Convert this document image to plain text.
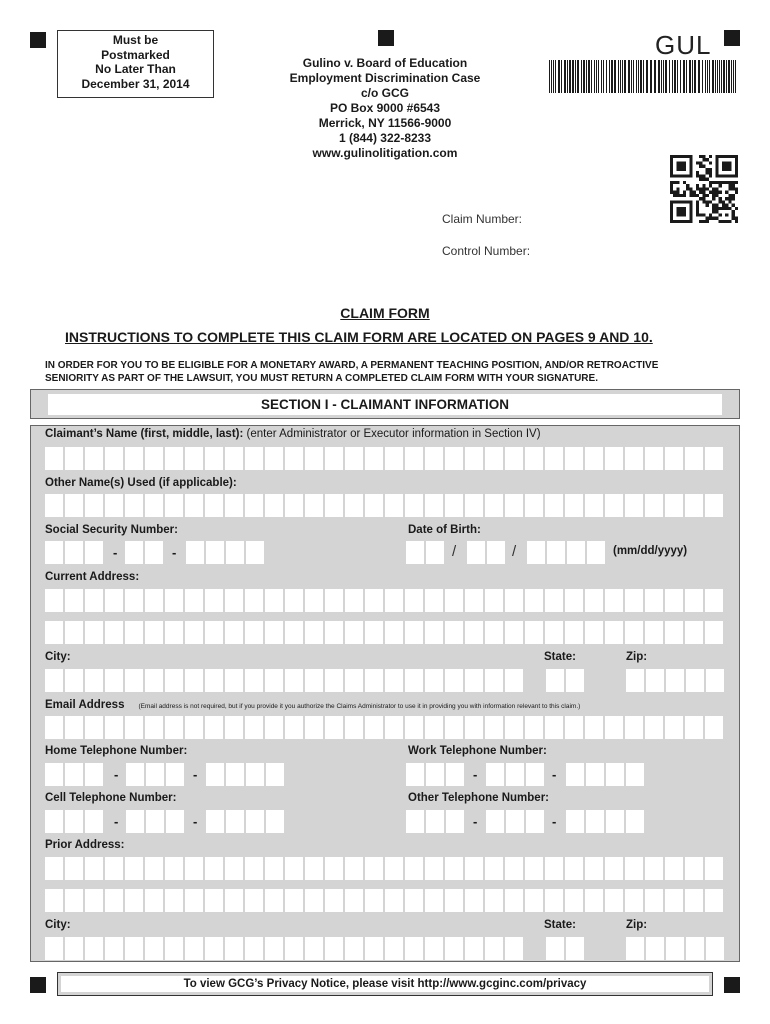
Must be
Postmarked
No Later Than
December 31, 2014
Gulino v. Board of Education
Employment Discrimination Case
c/o GCG
PO Box 9000 #6543
Merrick, NY 11566-9000
1 (844) 322-8233
www.gulinolitigation.com
GUL
Claim Number:
Control Number:
CLAIM FORM
INSTRUCTIONS TO COMPLETE THIS CLAIM FORM ARE LOCATED ON PAGES 9 AND 10.
IN ORDER FOR YOU TO BE ELIGIBLE FOR A MONETARY AWARD, A PERMANENT TEACHING POSITION, AND/OR RETROACTIVE
SENIORITY AS PART OF THE LAWSUIT, YOU MUST RETURN A COMPLETED CLAIM FORM WITH YOUR SIGNATURE.
SECTION I - CLAIMANT INFORMATION
Claimant’s Name (first, middle, last): (enter Administrator or Executor information in Section IV)
Other Name(s) Used (if applicable):
Social Security Number:	Date of Birth:
(mm/dd/yyyy)
Current Address:
City:	State:	Zip:
Email Address (Email address is not required, but if you provide it you authorize the Claims Administrator to use it in providing you with information relevant to this claim.)
Home Telephone Number:	Work Telephone Number:
Cell Telephone Number:	Other Telephone Number:
Prior Address:
City:	State:	Zip:
-	-	/	/
-	-	-	-
-	-	-	-
To view GCG’s Privacy Notice, please visit http://www.gcginc.com/privacy
